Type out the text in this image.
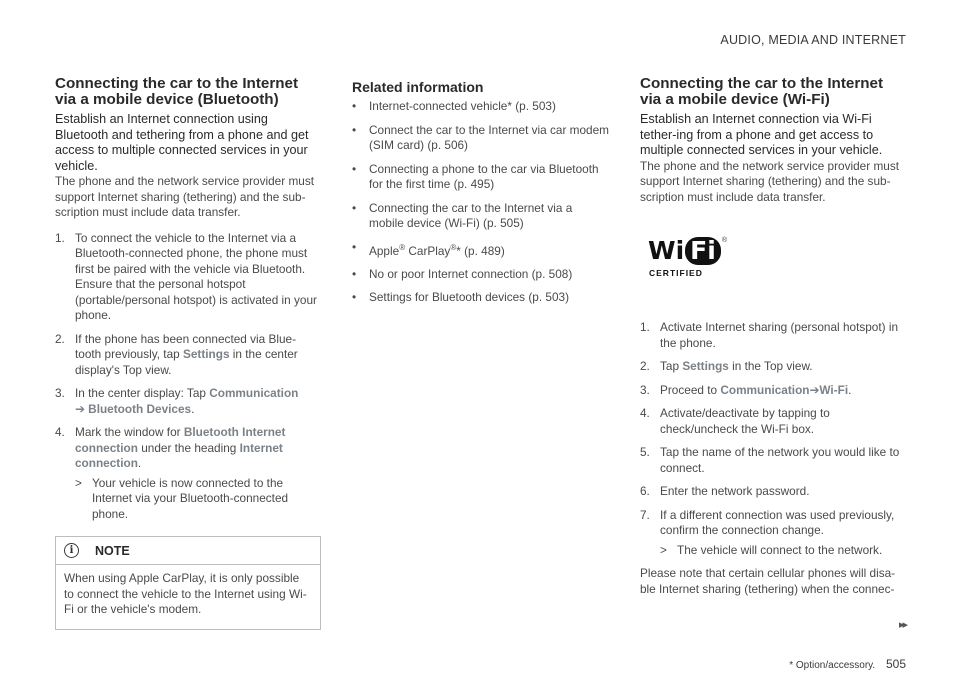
AUDIO, MEDIA AND INTERNET
Connecting the car to the Internet via a mobile device (Bluetooth)

Establish an Internet connection using Bluetooth and tethering from a phone and get access to multiple connected services in your vehicle.

The phone and the network service provider must support Internet sharing (tethering) and the sub-scription must include data transfer.

1. To connect the vehicle to the Internet via a Bluetooth-connected phone, the phone must first be paired with the vehicle via Bluetooth. Ensure that the personal hotspot (portable/personal hotspot) is activated in your phone.
2. If the phone has been connected via Blue-tooth previously, tap Settings in the center display's Top view.
3. In the center display: Tap Communication
➔ Bluetooth Devices.
4. Mark the window for Bluetooth Internet connection under the heading Internet connection.
> Your vehicle is now connected to the Internet via your Bluetooth-connected phone.
i	NOTE
When using Apple CarPlay, it is only possible to connect the vehicle to the Internet using Wi-Fi or the vehicle's modem.
Related information
• Internet-connected vehicle* (p. 503)
• Connect the car to the Internet via car modem (SIM card) (p. 506)
• Connecting a phone to the car via Bluetooth for the first time (p. 495)
• Connecting the car to the Internet via a mobile device (Wi-Fi) (p. 505)
• Apple® CarPlay®* (p. 489)
• No or poor Internet connection (p. 508)
• Settings for Bluetooth devices (p. 503)
Connecting the car to the Internet via a mobile device (Wi-Fi)

Establish an Internet connection via Wi-Fi tether-ing from a phone and get access to multiple connected services in your vehicle.

The phone and the network service provider must support Internet sharing (tethering) and the sub-scription must include data transfer.

Wi Fi ®
CERTIFIED
1. Activate Internet sharing (personal hotspot) in the phone.
2. Tap Settings in the Top view.
3. Proceed to Communication➔Wi-Fi.
4. Activate/deactivate by tapping to check/uncheck the Wi-Fi box.
5. Tap the name of the network you would like to connect.
6. Enter the network password.
7. If a different connection was used previously, confirm the connection change.
> The vehicle will connect to the network.

Please note that certain cellular phones will disa-ble Internet sharing (tethering) when the connec-

▸▸
* Option/accessory. 505
